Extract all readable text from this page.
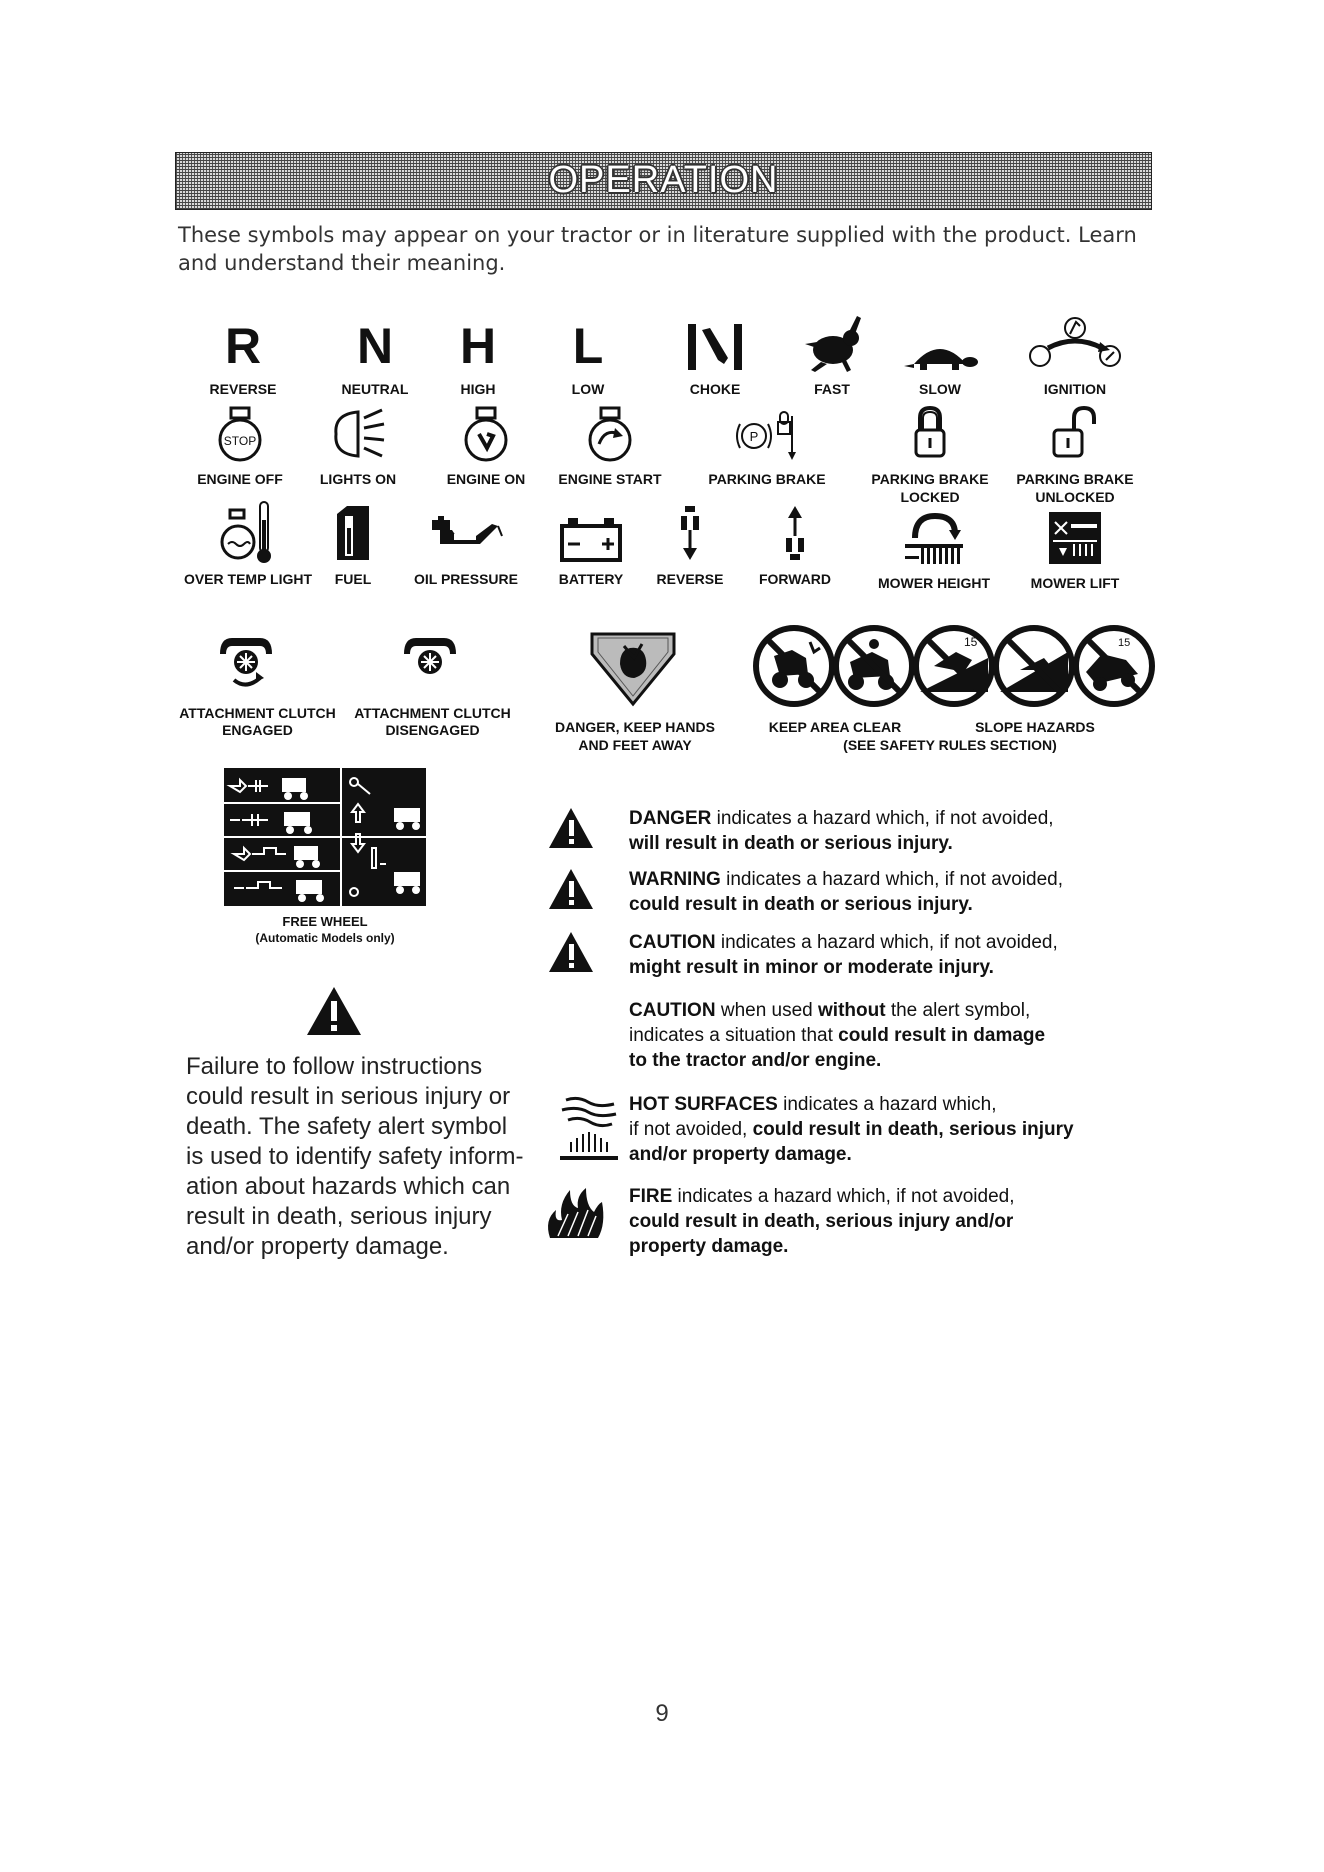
OPERATION
These symbols may appear on your tractor or in literature supplied with the product. Learn and understand their meaning.
R
REVERSE
N
NEUTRAL
H
HIGH
L
LOW	CHOKE	FAST	SLOW	IGNITION
STOP
ENGINE OFF	LIGHTS ON	ENGINE ON	ENGINE START
P
PARKING BRAKE	PARKING BRAKE LOCKED
PARKING BRAKE UNLOCKED
OVER TEMP LIGHT	FUEL	OIL PRESSURE	BATTERY	REVERSE	FORWARD	MOWER HEIGHT	MOWER LIFT
15	15
ATTACHMENT CLUTCH ENGAGED
ATTACHMENT CLUTCH DISENGAGED	DANGER, KEEP HANDS
AND FEET AWAY
KEEP AREA CLEAR	SLOPE HAZARDS
(SEE SAFETY RULES SECTION)
FREE WHEEL
(Automatic Models only)
Failure to follow instructions
could result in serious injury or
death. The safety alert symbol
is used to identify safety inform-
ation about hazards which can
result in death, serious injury
and/or property damage.
DANGER indicates a hazard which, if not avoided,
will result in death or serious injury.
WARNING indicates a hazard which, if not avoided,
could result in death or serious injury.
CAUTION indicates a hazard which, if not avoided,
might result in minor or moderate injury.
CAUTION when used without the alert symbol,
indicates a situation that could result in damage
to the tractor and/or engine.
HOT SURFACES indicates a hazard which,
if not avoided, could result in death, serious injury
and/or property damage.
FIRE indicates a hazard which, if not avoided,
could result in death, serious injury and/or
property damage.
9
